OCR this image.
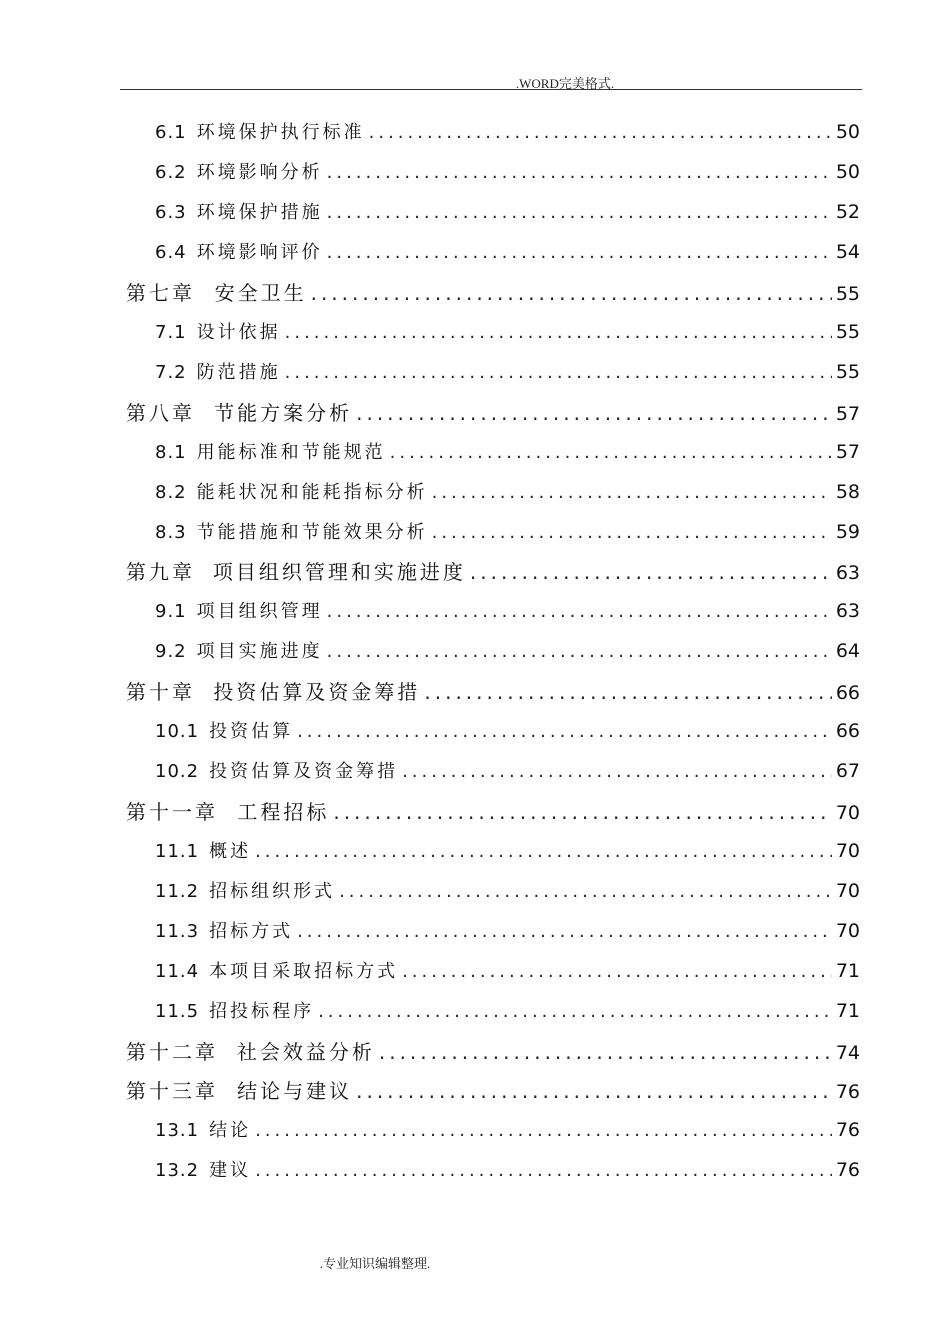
.WORD完美格式.
6.1 环境保护执行标准 .....	50
6.2 环境影响分析 .....	50
6.3 环境保护措施 .....	52
6.4 环境影响评价 .....	54
第七章 安全卫生 .....	55
7.1 设计依据 .....	55
7.2 防范措施 .....	55
第八章 节能方案分析 .....	57
8.1 用能标准和节能规范 .....	57
8.2 能耗状况和能耗指标分析 .....	58
8.3 节能措施和节能效果分析 .....	59
第九章 项目组织管理和实施进度 .....	63
9.1 项目组织管理 .....	63
9.2 项目实施进度 .....	64
第十章 投资估算及资金筹措 .....	66
10.1 投资估算 .....	66
10.2 投资估算及资金筹措 .....	67
第十一章 工程招标 .....	70
11.1 概述 .....	70
11.2 招标组织形式 .....	70
11.3 招标方式 .....	70
11.4 本项目采取招标方式 .....	71
11.5 招投标程序 .....	71
第十二章 社会效益分析 .....	74
第十三章 结论与建议 .....	76
13.1 结论 .....	76
13.2 建议 .....	76
.专业知识编辑整理.
